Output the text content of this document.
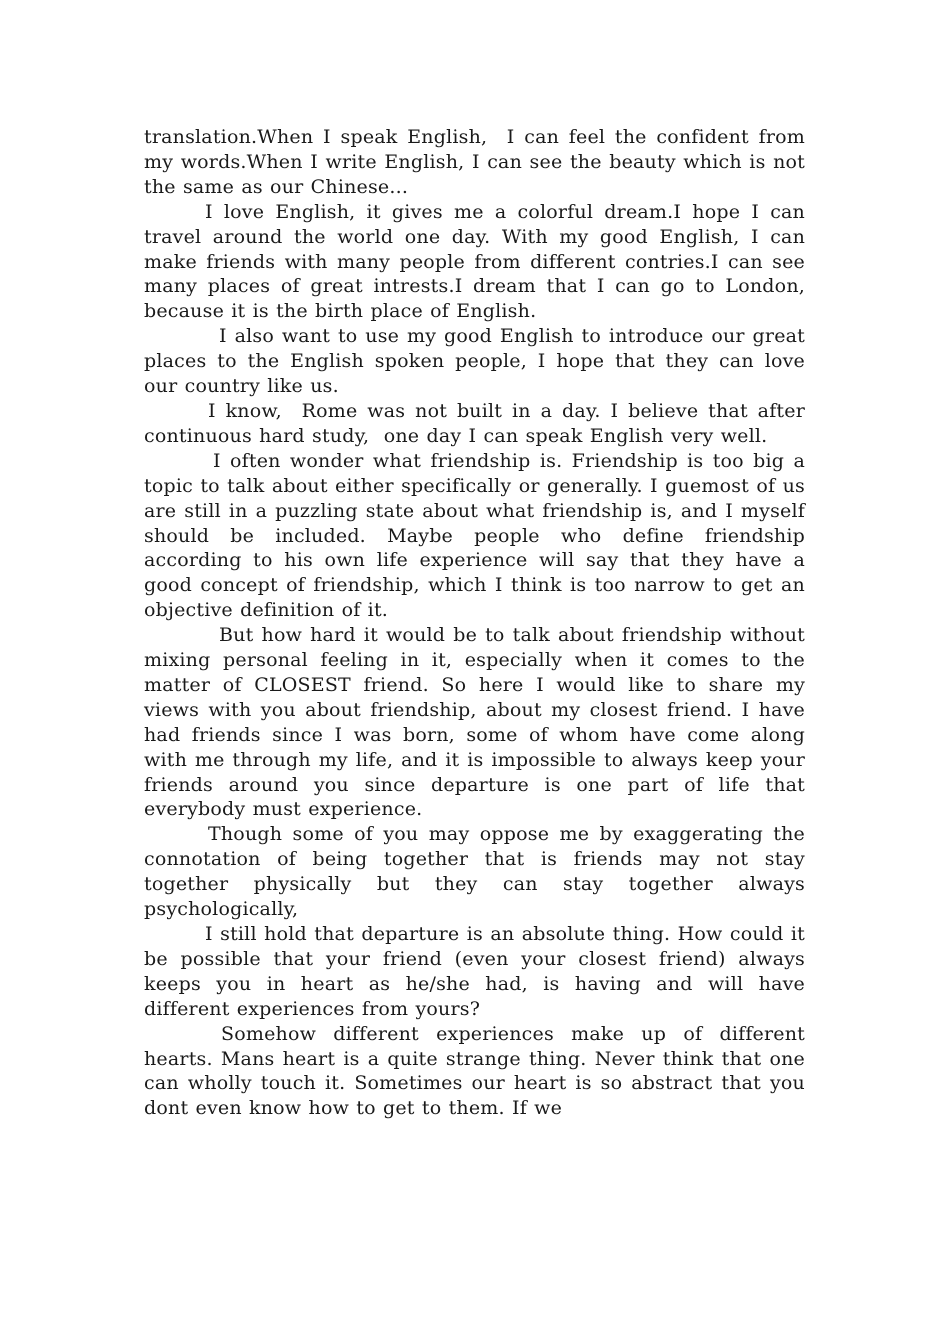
translation.When I speak English,  I can feel the confident from my words.When I write English, I can see the beauty which is not the same as our Chinese...

I love English, it gives me a colorful dream.I hope I can travel around the world one day. With my good English, I can make friends with many people from different contries.I can see many places of great intrests.I dream that I can go to London, because it is the birth place of English.

I also want to use my good English to introduce our great places to the English spoken people, I hope that they can love our country like us.

I know,  Rome was not built in a day. I believe that after continuous hard study,  one day I can speak English very well.

I often wonder what friendship is. Friendship is too big a topic to talk about either specifically or generally. I guemost of us are still in a puzzling state about what friendship is, and I myself should be included. Maybe people who define friendship according to his own life experience will say that they have a good concept of friendship, which I think is too narrow to get an objective definition of it.

But how hard it would be to talk about friendship without mixing personal feeling in it, especially when it comes to the matter of CLOSEST friend. So here I would like to share my views with you about friendship, about my closest friend. I have had friends since I was born, some of whom have come along with me through my life, and it is impossible to always keep your friends around you since departure is one part of life that everybody must experience.

Though some of you may oppose me by exaggerating the connotation of being together that is friends may not stay together physically but they can stay together always psychologically,

I still hold that departure is an absolute thing. How could it be possible that your friend (even your closest friend) always keeps you in heart as he/she had, is having and will have different experiences from yours?

Somehow different experiences make up of different hearts. Mans heart is a quite strange thing. Never think that one can wholly touch it. Sometimes our heart is so abstract that you dont even know how to get to them. If we
